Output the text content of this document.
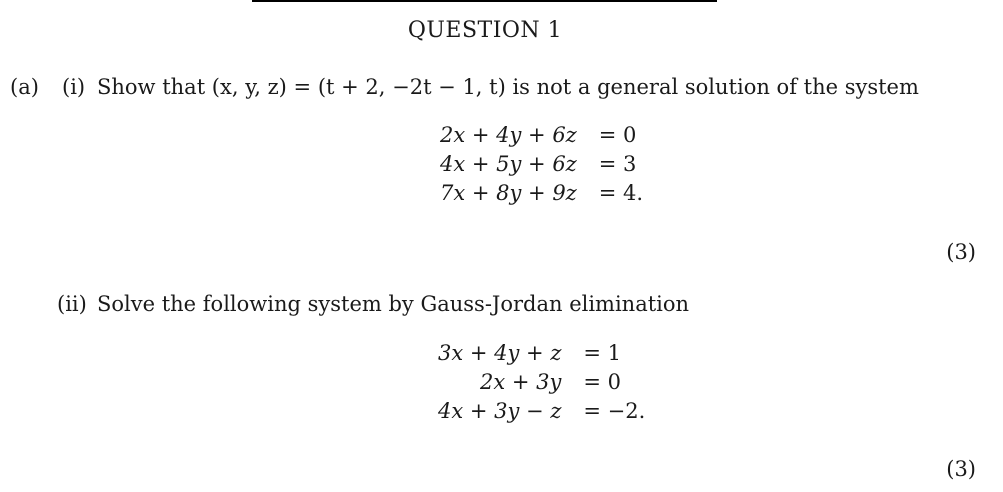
QUESTION 1
(a) (i) Show that (x, y, z) = (t + 2, −2t − 1, t) is not a general solution of the system
2x + 4y + 6z = 0
4x + 5y + 6z = 3
7x + 8y + 9z = 4.
(3)
(ii) Solve the following system by Gauss-Jordan elimination
3x + 4y + z = 1
2x + 3y = 0
4x + 3y − z = −2.
(3)
